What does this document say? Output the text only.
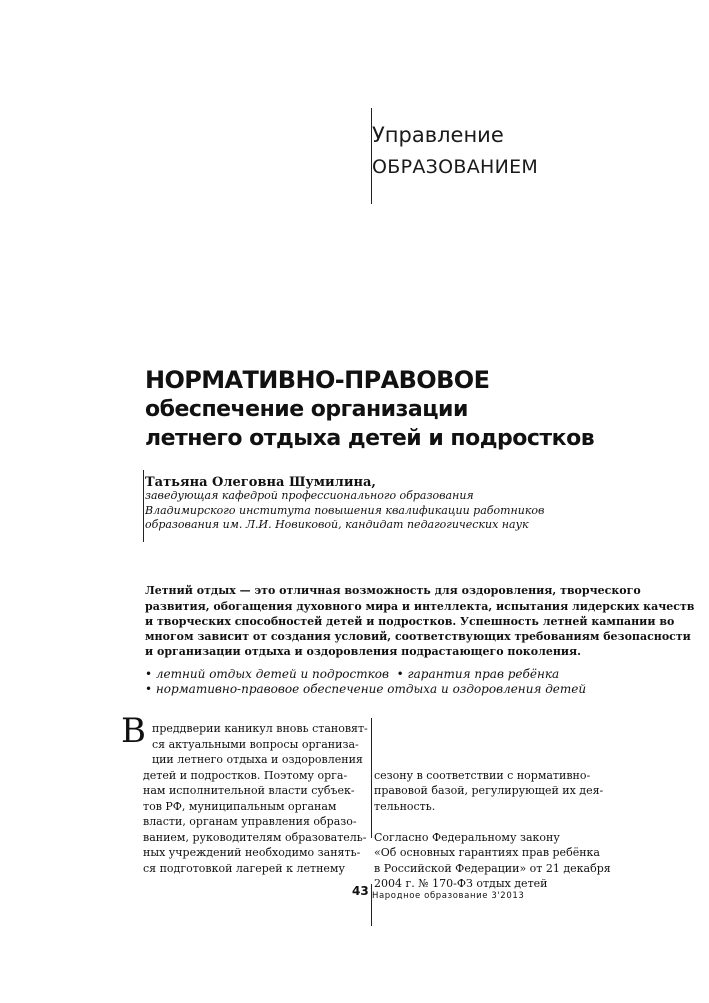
Управление
ОБРАЗОВАНИЕМ
НОРМАТИВНО-ПРАВОВОЕ
обеспечение организации
летнего отдыха детей и подростков
Татьяна Олеговна Шумилина,
заведующая кафедрой профессионального образования
Владимирского института повышения квалификации работников
образования им. Л.И. Новиковой, кандидат педагогических наук
Летний отдых — это отличная возможность для оздоровления, творческого
развития, обогащения духовного мира и интеллекта, испытания лидерских качеств
и творческих способностей детей и подростков. Успешность летней кампании во
многом зависит от создания условий, соответствующих требованиям безопасности
и организации отдыха и оздоровления подрастающего поколения.
• летний отдых детей и подростков  • гарантия прав ребёнка
• нормативно-правовое обеспечение отдыха и оздоровления детей
В преддверии каникул вновь становят-
ся актуальными вопросы организа-
ции летнего отдыха и оздоровления
детей и подростков. Поэтому орга-
нам исполнительной власти субъек-
тов РФ, муниципальным органам
власти, органам управления образо-
ванием, руководителям образователь-
ных учреждений необходимо занять-
ся подготовкой лагерей к летнему
сезону в соответствии с нормативно-
правовой базой, регулирующей их дея-
тельность.
Согласно Федеральному закону
«Об основных гарантиях прав ребёнка
в Российской Федерации» от 21 декабря
2004 г. № 170-ФЗ отдых детей
43 Народное образование 3'2013
